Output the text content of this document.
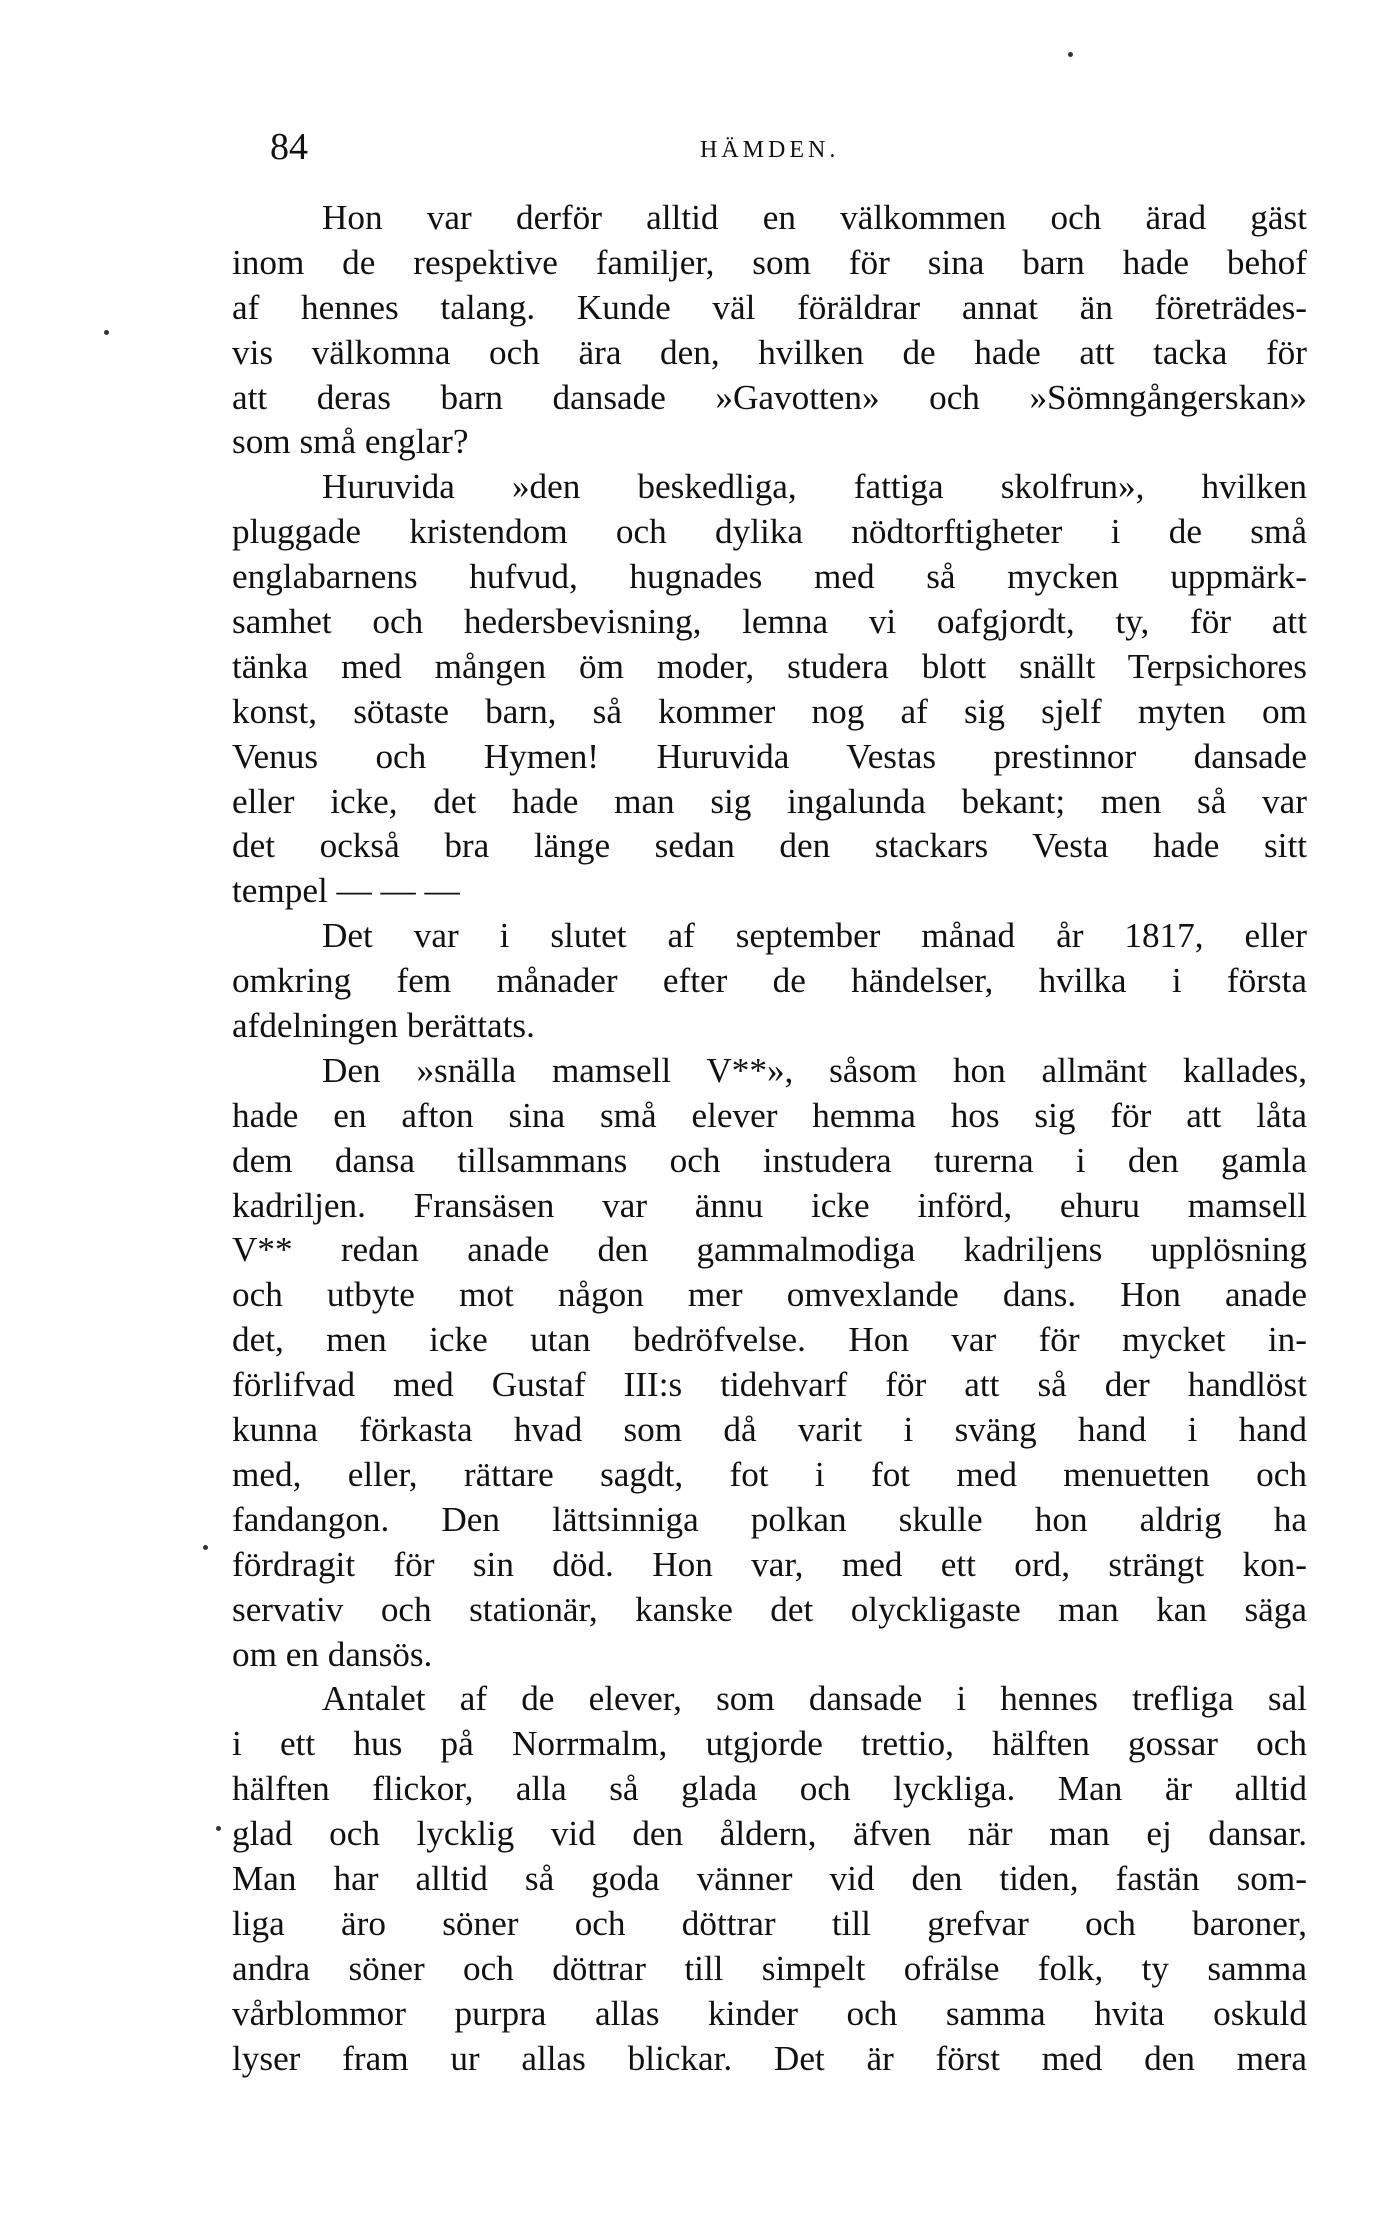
84	HÄMDEN.
Hon var derför alltid en välkommen och ärad gäst
inom de respektive familjer, som för sina barn hade behof
af hennes talang. Kunde väl föräldrar annat än företrädes-
vis välkomna och ära den, hvilken de hade att tacka för
att deras barn dansade »Gavotten» och »Sömngångerskan»
som små englar?
Huruvida »den beskedliga, fattiga skolfrun», hvilken
pluggade kristendom och dylika nödtorftigheter i de små
englabarnens hufvud, hugnades med så mycken uppmärk-
samhet och hedersbevisning, lemna vi oafgjordt, ty, för att
tänka med mången öm moder, studera blott snällt Terpsichores
konst, sötaste barn, så kommer nog af sig sjelf myten om
Venus och Hymen! Huruvida Vestas prestinnor dansade
eller icke, det hade man sig ingalunda bekant; men så var
det också bra länge sedan den stackars Vesta hade sitt
tempel — — —
Det var i slutet af september månad år 1817, eller
omkring fem månader efter de händelser, hvilka i första
afdelningen berättats.
Den »snälla mamsell V**», såsom hon allmänt kallades,
hade en afton sina små elever hemma hos sig för att låta
dem dansa tillsammans och instudera turerna i den gamla
kadriljen. Fransäsen var ännu icke införd, ehuru mamsell
V** redan anade den gammalmodiga kadriljens upplösning
och utbyte mot någon mer omvexlande dans. Hon anade
det, men icke utan bedröfvelse. Hon var för mycket in-
förlifvad med Gustaf III:s tidehvarf för att så der handlöst
kunna förkasta hvad som då varit i sväng hand i hand
med, eller, rättare sagdt, fot i fot med menuetten och
fandangon. Den lättsinniga polkan skulle hon aldrig ha
fördragit för sin död. Hon var, med ett ord, strängt kon-
servativ och stationär, kanske det olyckligaste man kan säga
om en dansös.
Antalet af de elever, som dansade i hennes trefliga sal
i ett hus på Norrmalm, utgjorde trettio, hälften gossar och
hälften flickor, alla så glada och lyckliga. Man är alltid
glad och lycklig vid den åldern, äfven när man ej dansar.
Man har alltid så goda vänner vid den tiden, fastän som-
liga äro söner och döttrar till grefvar och baroner,
andra söner och döttrar till simpelt ofrälse folk, ty samma
vårblommor purpra allas kinder och samma hvita oskuld
lyser fram ur allas blickar. Det är först med den mera
